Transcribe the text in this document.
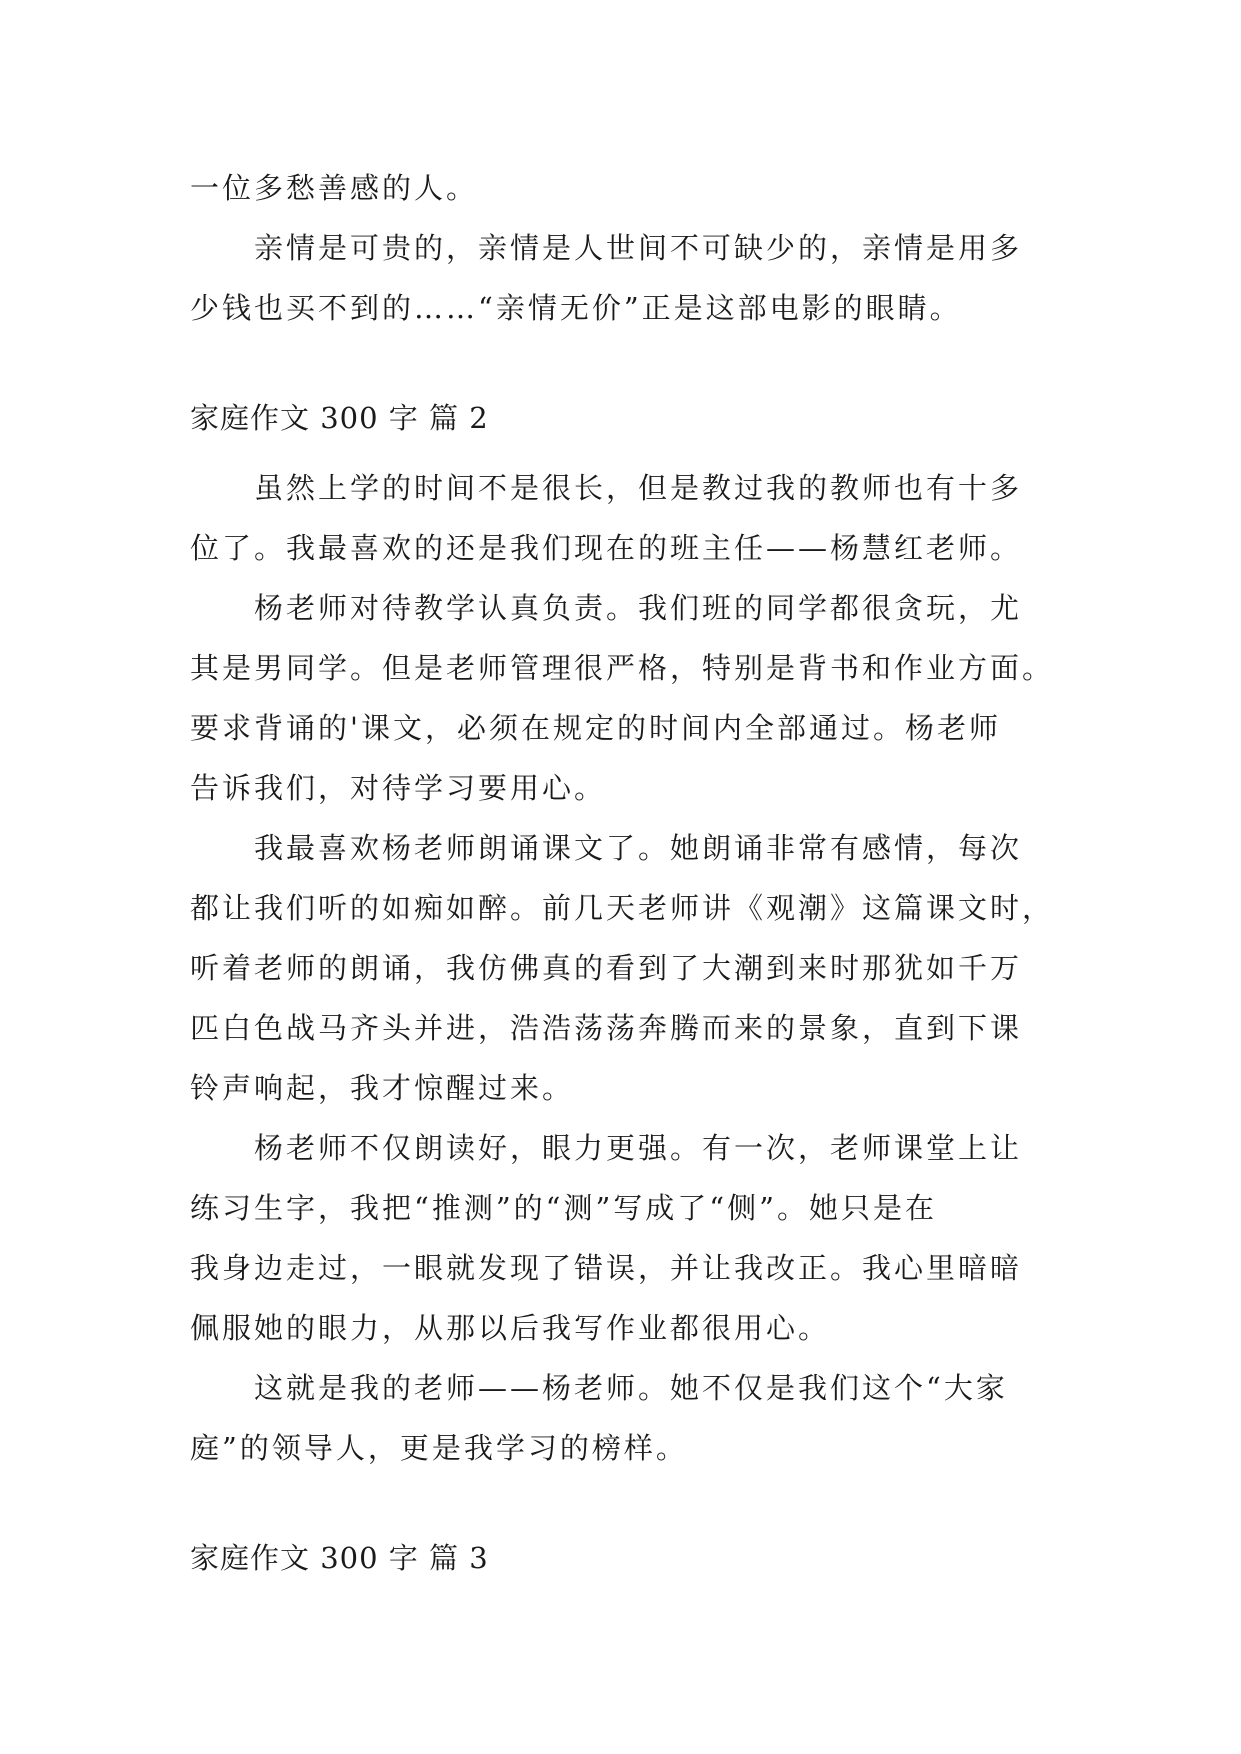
一位多愁善感的人。
　　亲情是可贵的，亲情是人世间不可缺少的，亲情是用多
少钱也买不到的……“亲情无价”正是这部电影的眼睛。
家庭作文 300 字 篇 2
　　虽然上学的时间不是很长，但是教过我的教师也有十多
位了。我最喜欢的还是我们现在的班主任——杨慧红老师。
　　杨老师对待教学认真负责。我们班的同学都很贪玩，尤
其是男同学。但是老师管理很严格，特别是背书和作业方面。
要求背诵的'课文，必须在规定的时间内全部通过。杨老师
告诉我们，对待学习要用心。
　　我最喜欢杨老师朗诵课文了。她朗诵非常有感情，每次
都让我们听的如痴如醉。前几天老师讲《观潮》这篇课文时，
听着老师的朗诵，我仿佛真的看到了大潮到来时那犹如千万
匹白色战马齐头并进，浩浩荡荡奔腾而来的景象，直到下课
铃声响起，我才惊醒过来。
　　杨老师不仅朗读好，眼力更强。有一次，老师课堂上让
练习生字，我把“推测”的“测”写成了“侧”。她只是在
我身边走过，一眼就发现了错误，并让我改正。我心里暗暗
佩服她的眼力，从那以后我写作业都很用心。
　　这就是我的老师——杨老师。她不仅是我们这个“大家
庭”的领导人，更是我学习的榜样。
家庭作文 300 字 篇 3
